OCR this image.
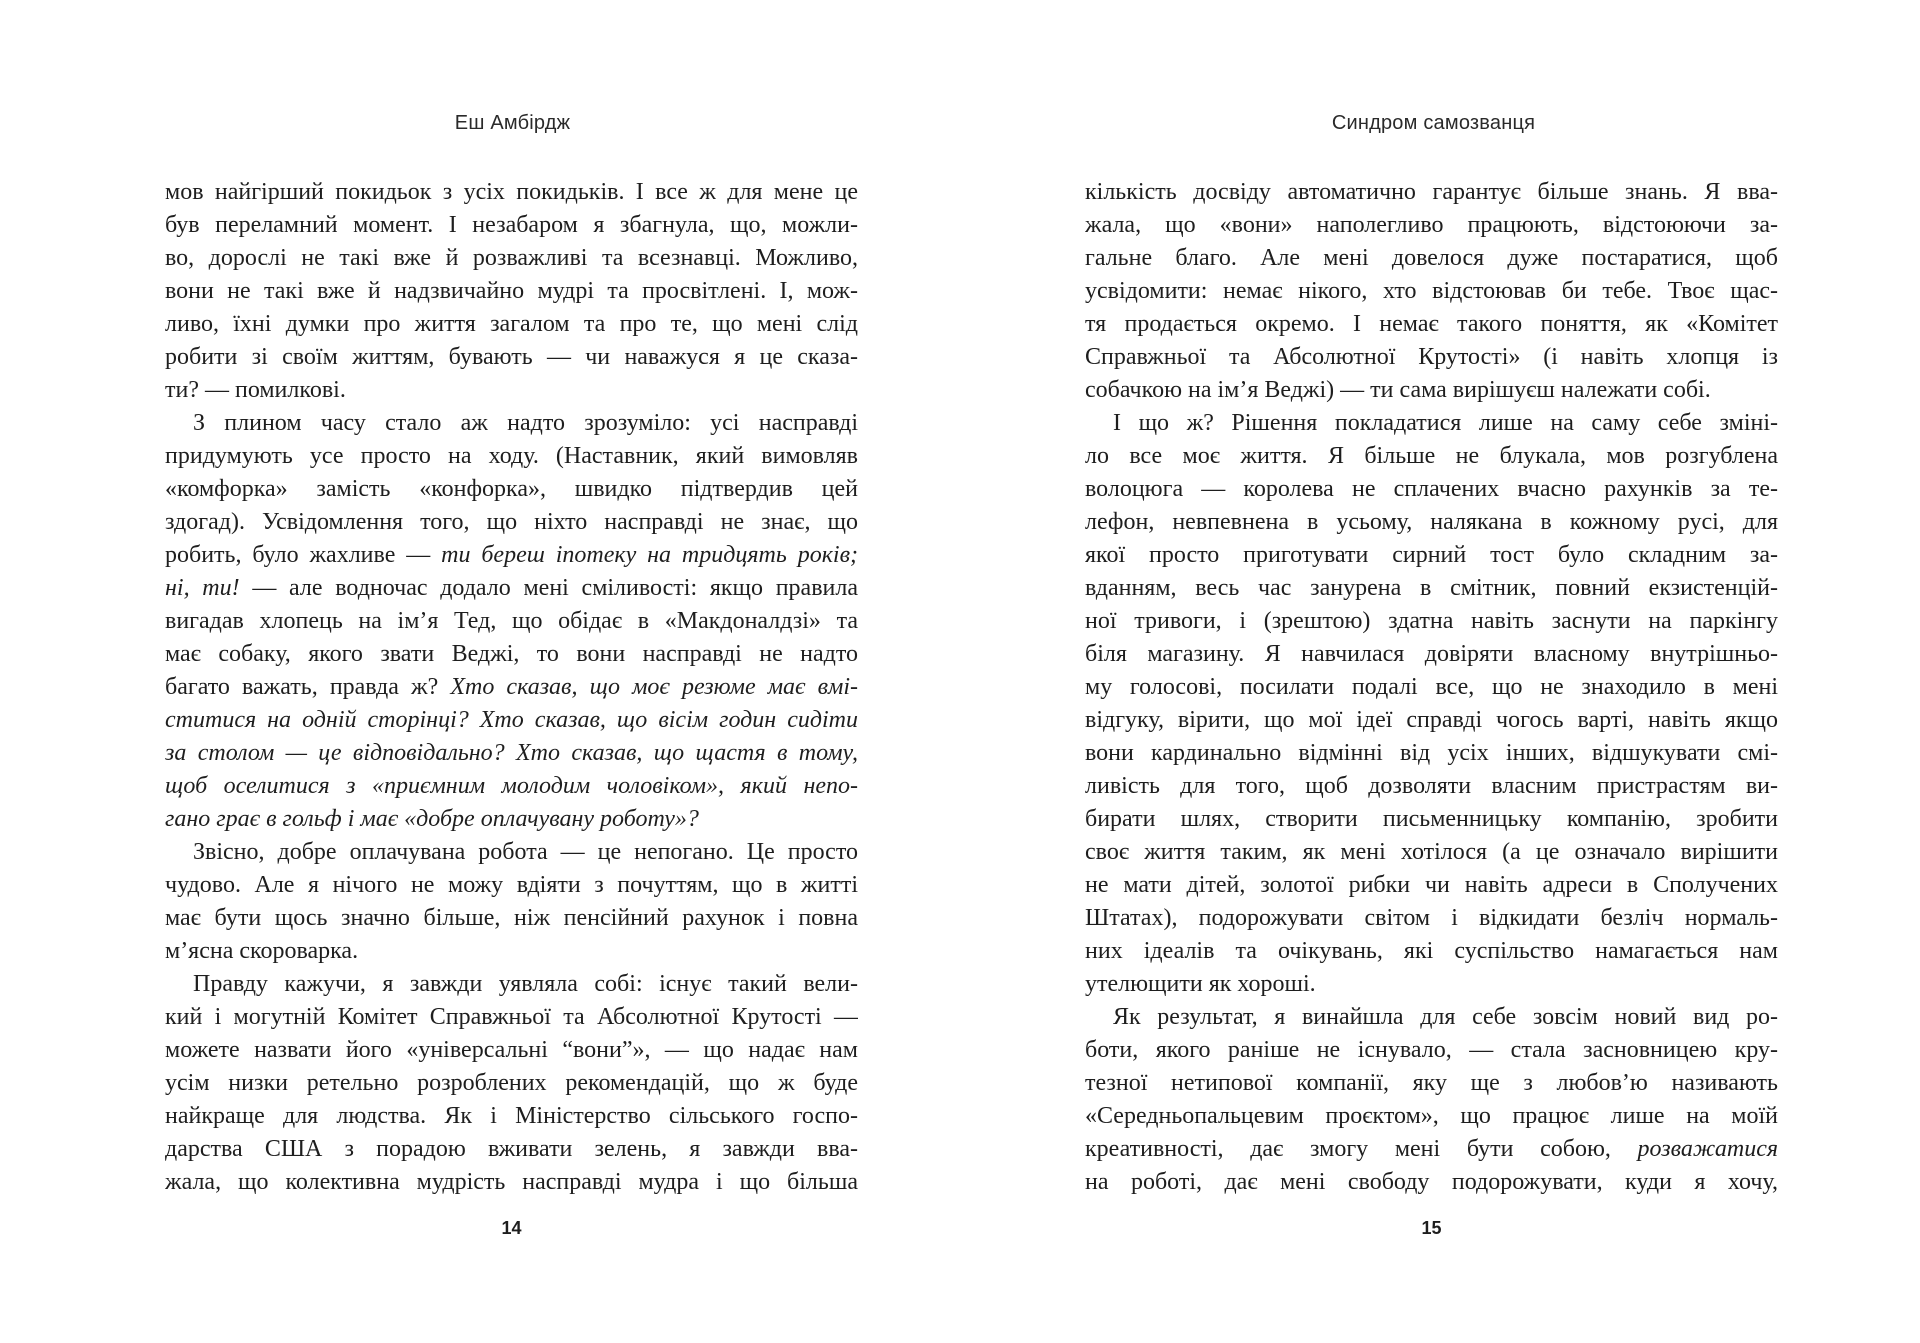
Еш Амбірдж
мов найгірший покидьок з усіх покидьків. І все ж для мене це
був переламний момент. І незабаром я збагнула, що, можли-
во, дорослі не такі вже й розважливі та всезнавці. Можливо,
вони не такі вже й надзвичайно мудрі та просвітлені. І, мож-
ливо, їхні думки про життя загалом та про те, що мені слід
робити зі своїм життям, бувають — чи наважуся я це сказа-
ти? — помилкові.
З плином часу стало аж надто зрозуміло: усі насправді
придумують усе просто на ходу. (Наставник, який вимовляв
«комфорка» замість «конфорка», швидко підтвердив цей
здогад). Усвідомлення того, що ніхто насправді не знає, що
робить, було жахливе — ти береш іпотеку на тридцять років;
ні, ти! — але водночас додало мені сміливості: якщо правила
вигадав хлопець на ім’я Тед, що обідає в «Макдоналдзі» та
має собаку, якого звати Веджі, то вони насправді не надто
багато важать, правда ж? Хто сказав, що моє резюме має вмі-
ститися на одній сторінці? Хто сказав, що вісім годин сидіти
за столом — це відповідально? Хто сказав, що щастя в тому,
щоб оселитися з «приємним молодим чоловіком», який непо-
гано грає в гольф і має «добре оплачувану роботу»?
Звісно, добре оплачувана робота — це непогано. Це просто
чудово. Але я нічого не можу вдіяти з почуттям, що в житті
має бути щось значно більше, ніж пенсійний рахунок і повна
м’ясна скороварка.
Правду кажучи, я завжди уявляла собі: існує такий вели-
кий і могутній Комітет Справжньої та Абсолютної Крутості —
можете назвати його «універсальні “вони”», — що надає нам
усім низки ретельно розроблених рекомендацій, що ж буде
найкраще для людства. Як і Міністерство сільського госпо-
дарства США з порадою вживати зелень, я завжди вва-
жала, що колективна мудрість насправді мудра і що більша
14
Синдром самозванця
кількість досвіду автоматично гарантує більше знань. Я вва-
жала, що «вони» наполегливо працюють, відстоюючи за-
гальне благо. Але мені довелося дуже постаратися, щоб
усвідомити: немає нікого, хто відстоював би тебе. Твоє щас-
тя продається окремо. І немає такого поняття, як «Комітет
Справжньої та Абсолютної Крутості» (і навіть хлопця із
собачкою на ім’я Веджі) — ти сама вирішуєш належати собі.
І що ж? Рішення покладатися лише на саму себе змінi-
ло все моє життя. Я більше не блукала, мов розгублена
волоцюга — королева не сплачених вчасно рахунків за те-
лефон, невпевнена в усьому, налякана в кожному русі, для
якої просто приготувати сирний тост було складним за-
вданням, весь час занурена в смітник, повний екзистенцій-
ної тривоги, і (зрештою) здатна навіть заснути на паркінгу
біля магазину. Я навчилася довіряти власному внутрішньо-
му голосові, посилати подалі все, що не знаходило в мені
відгуку, вірити, що мої ідеї справді чогось варті, навіть якщо
вони кардинально відмінні від усіх інших, відшукувати смі-
ливість для того, щоб дозволяти власним пристрастям ви-
бирати шлях, створити письменницьку компанію, зробити
своє життя таким, як мені хотілося (а це означало вирішити
не мати дітей, золотої рибки чи навіть адреси в Сполучених
Штатах), подорожувати світом і відкидати безліч нормаль-
них ідеалів та очікувань, які суспільство намагається нам
утелющити як хороші.
Як результат, я винайшла для себе зовсім новий вид ро-
боти, якого раніше не існувало, — стала засновницею кру-
тезної нетипової компанії, яку ще з любов’ю називають
«Середньопальцевим проєктом», що працює лише на моїй
креативності, дає змогу мені бути собою, розважатися
на роботі, дає мені свободу подорожувати, куди я хочу,
15
